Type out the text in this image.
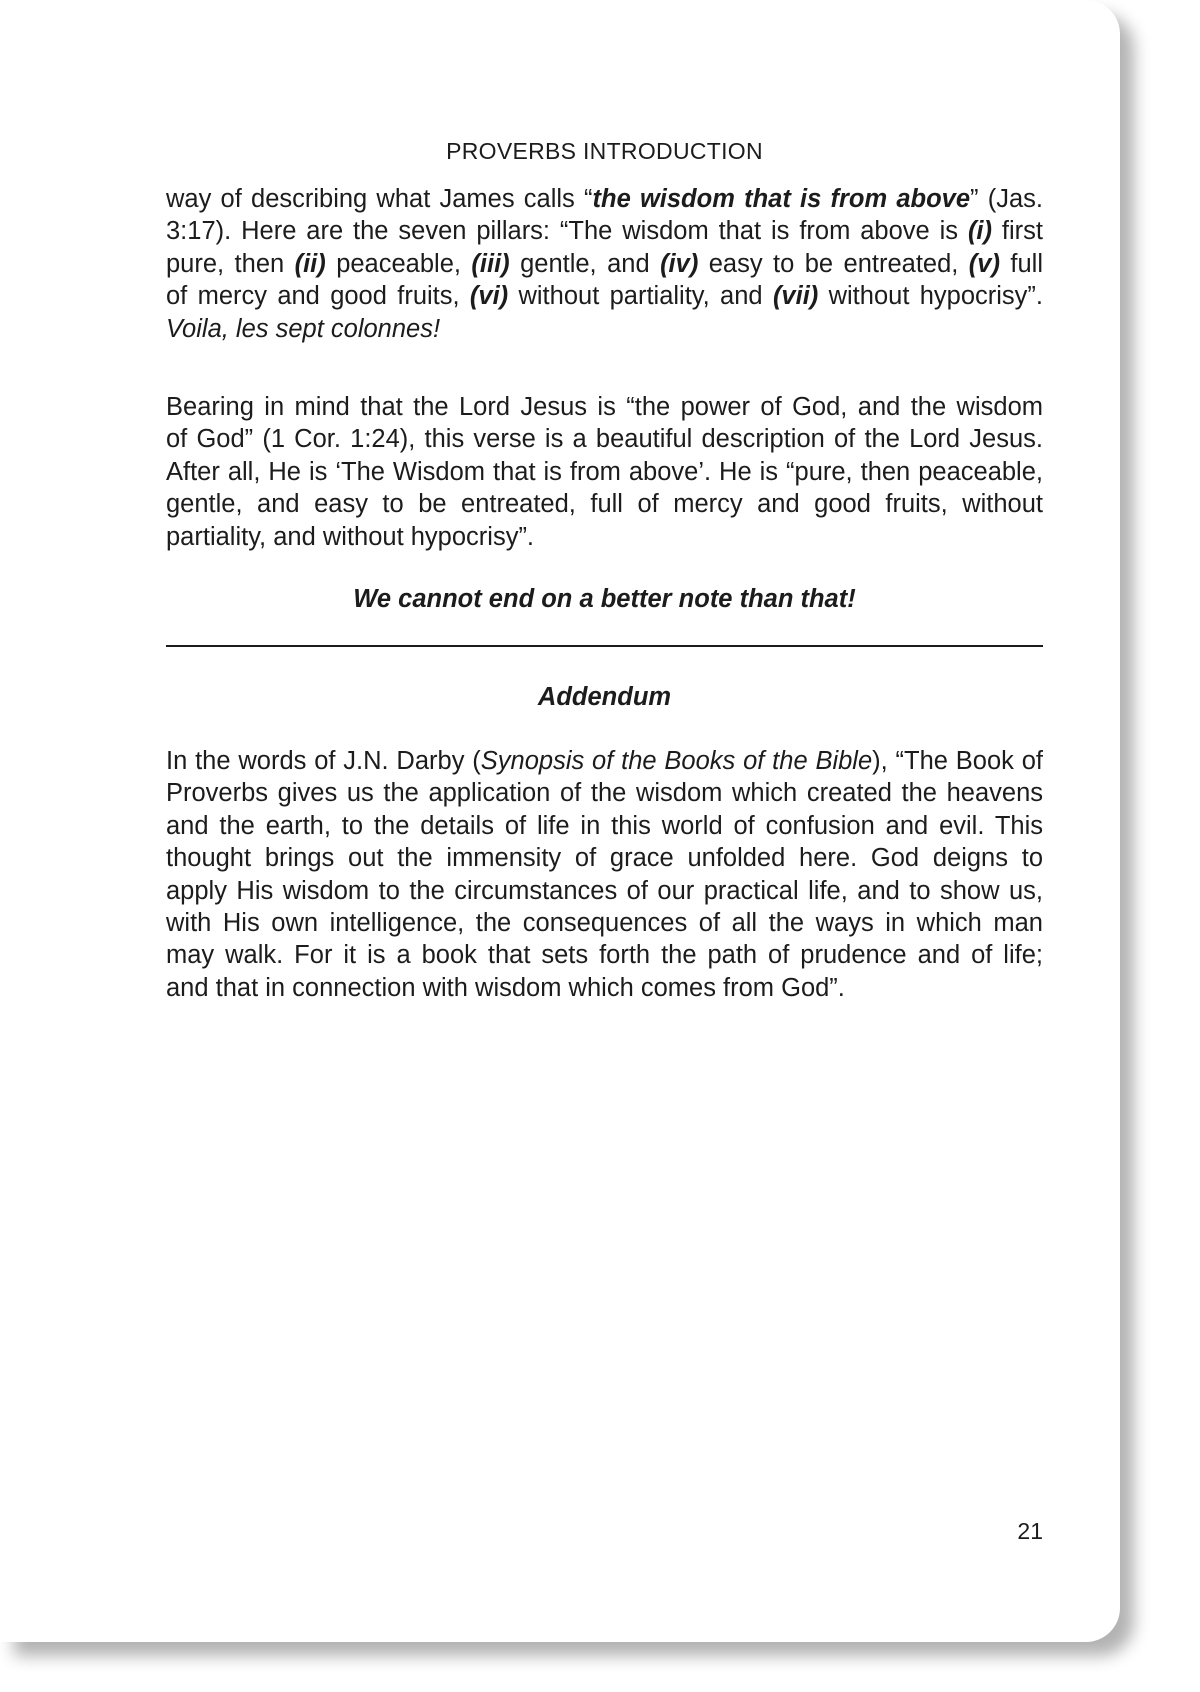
PROVERBS INTRODUCTION
way of describing what James calls “the wisdom that is from above” (Jas.
3:17). Here are the seven pillars: “The wisdom that is from above is (i) first
pure, then (ii) peaceable, (iii) gentle, and (iv) easy to be entreated, (v) full
of mercy and good fruits, (vi) without partiality, and (vii) without hypocrisy”.
Voila, les sept colonnes!
Bearing in mind that the Lord Jesus is “the power of God, and the wisdom
of God” (1 Cor. 1:24), this verse is a beautiful description of the Lord Jesus.
After all, He is ‘The Wisdom that is from above’. He is “pure, then peaceable,
gentle, and easy to be entreated, full of mercy and good fruits, without
partiality, and without hypocrisy”.
We cannot end on a better note than that!
Addendum
In the words of J.N. Darby (Synopsis of the Books of the Bible), “The Book of
Proverbs gives us the application of the wisdom which created the heavens
and the earth, to the details of life in this world of confusion and evil. This
thought brings out the immensity of grace unfolded here. God deigns to
apply His wisdom to the circumstances of our practical life, and to show us,
with His own intelligence, the consequences of all the ways in which man
may walk. For it is a book that sets forth the path of prudence and of life;
and that in connection with wisdom which comes from God”.
21
